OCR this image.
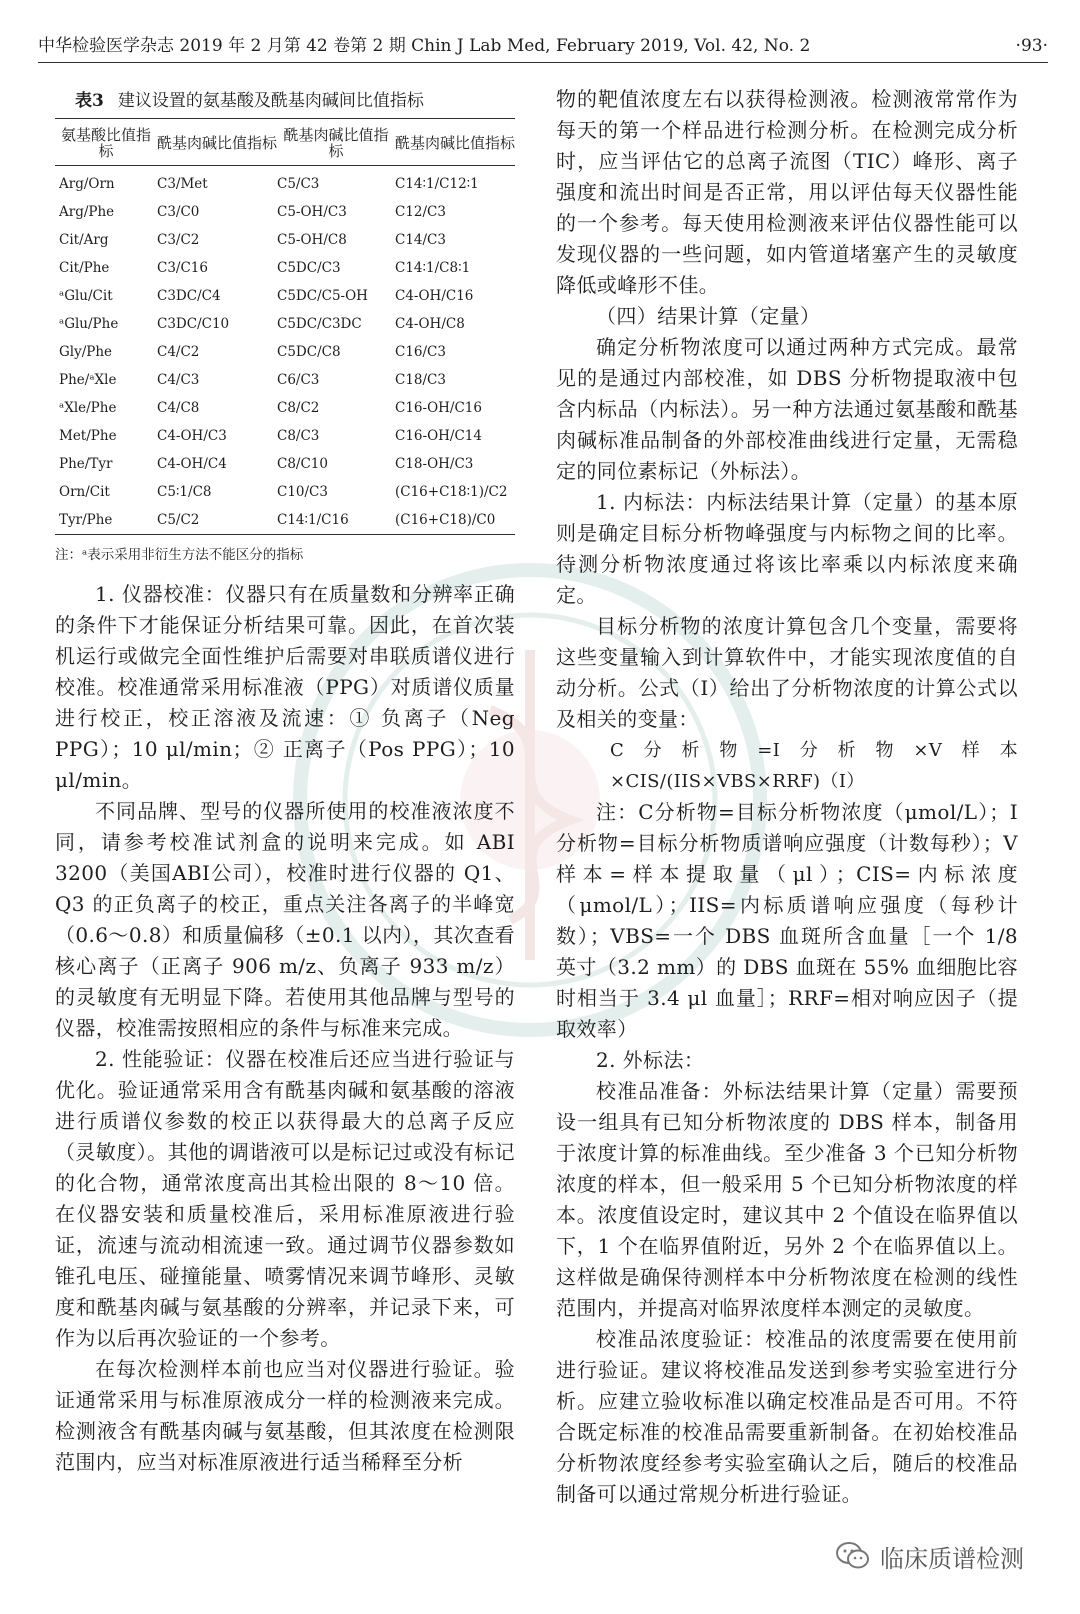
中华检验医学杂志 2019 年 2 月第 42 卷第 2 期 Chin J Lab Med, February 2019, Vol. 42, No. 2	·93·
表3 建议设置的氨基酸及酰基肉碱间比值指标
氨基酸比值指标	酰基肉碱比值指标	酰基肉碱比值指标	酰基肉碱比值指标
Arg/Orn	C3/Met	C5/C3	C14∶1/C12∶1
Arg/Phe	C3/C0	C5-OH/C3	C12/C3
Cit/Arg	C3/C2	C5-OH/C8	C14/C3
Cit/Phe	C3/C16	C5DC/C3	C14∶1/C8∶1
ᵃGlu/Cit	C3DC/C4	C5DC/C5-OH	C4-OH/C16
ᵃGlu/Phe	C3DC/C10	C5DC/C3DC	C4-OH/C8
Gly/Phe	C4/C2	C5DC/C8	C16/C3
Phe/ᵃXle	C4/C3	C6/C3	C18/C3
ᵃXle/Phe	C4/C8	C8/C2	C16-OH/C16
Met/Phe	C4-OH/C3	C8/C3	C16-OH/C14
Phe/Tyr	C4-OH/C4	C8/C10	C18-OH/C3
Orn/Cit	C5∶1/C8	C10/C3	(C16+C18∶1)/C2
Tyr/Phe	C5/C2	C14∶1/C16	(C16+C18)/C0
注：ᵃ表示采用非衍生方法不能区分的指标

1. 仪器校准：仪器只有在质量数和分辨率正确的条件下才能保证分析结果可靠。因此，在首次装机运行或做完全面性维护后需要对串联质谱仪进行校准。校准通常采用标准液（PPG）对质谱仪质量进行校正，校正溶液及流速：① 负离子（Neg PPG）；10 μl/min；② 正离子（Pos PPG）；10 μl/min。

不同品牌、型号的仪器所使用的校准液浓度不同，请参考校准试剂盒的说明来完成。如 ABI 3200（美国ABI公司），校准时进行仪器的 Q1、Q3 的正负离子的校正，重点关注各离子的半峰宽（0.6～0.8）和质量偏移（±0.1 以内），其次查看核心离子（正离子 906 m/z、负离子 933 m/z）的灵敏度有无明显下降。若使用其他品牌与型号的仪器，校准需按照相应的条件与标准来完成。

2. 性能验证：仪器在校准后还应当进行验证与优化。验证通常采用含有酰基肉碱和氨基酸的溶液进行质谱仪参数的校正以获得最大的总离子反应（灵敏度）。其他的调谐液可以是标记过或没有标记的化合物，通常浓度高出其检出限的 8～10 倍。在仪器安装和质量校准后，采用标准原液进行验证，流速与流动相流速一致。通过调节仪器参数如锥孔电压、碰撞能量、喷雾情况来调节峰形、灵敏度和酰基肉碱与氨基酸的分辨率，并记录下来，可作为以后再次验证的一个参考。

在每次检测样本前也应当对仪器进行验证。验证通常采用与标准原液成分一样的检测液来完成。检测液含有酰基肉碱与氨基酸，但其浓度在检测限范围内，应当对标准原液进行适当稀释至分析

物的靶值浓度左右以获得检测液。检测液常常作为每天的第一个样品进行检测分析。在检测完成分析时，应当评估它的总离子流图（TIC）峰形、离子强度和流出时间是否正常，用以评估每天仪器性能的一个参考。每天使用检测液来评估仪器性能可以发现仪器的一些问题，如内管道堵塞产生的灵敏度降低或峰形不佳。

（四）结果计算（定量）

确定分析物浓度可以通过两种方式完成。最常见的是通过内部校准，如 DBS 分析物提取液中包含内标品（内标法）。另一种方法通过氨基酸和酰基肉碱标准品制备的外部校准曲线进行定量，无需稳定的同位素标记（外标法）。

1. 内标法：内标法结果计算（定量）的基本原则是确定目标分析物峰强度与内标物之间的比率。待测分析物浓度通过将该比率乘以内标浓度来确定。

目标分析物的浓度计算包含几个变量，需要将这些变量输入到计算软件中，才能实现浓度值的自动分析。公式（Ⅰ）给出了分析物浓度的计算公式以及相关的变量：

C分析物=I分析物×V样本×CIS/(IIS×VBS×RRF)（Ⅰ）

注：C分析物=目标分析物浓度（μmol/L）；I分析物=目标分析物质谱响应强度（计数每秒）；V样本=样本提取量（μl）；CIS=内标浓度（μmol/L）；IIS=内标质谱响应强度（每秒计数）；VBS=一个 DBS 血斑所含血量［一个 1/8 英寸（3.2 mm）的 DBS 血斑在 55% 血细胞比容时相当于 3.4 μl 血量］；RRF=相对响应因子（提取效率）

2. 外标法：

校准品准备：外标法结果计算（定量）需要预设一组具有已知分析物浓度的 DBS 样本，制备用于浓度计算的标准曲线。至少准备 3 个已知分析物浓度的样本，但一般采用 5 个已知分析物浓度的样本。浓度值设定时，建议其中 2 个值设在临界值以下，1 个在临界值附近，另外 2 个在临界值以上。这样做是确保待测样本中分析物浓度在检测的线性范围内，并提高对临界浓度样本测定的灵敏度。

校准品浓度验证：校准品的浓度需要在使用前进行验证。建议将校准品发送到参考实验室进行分析。应建立验收标准以确定校准品是否可用。不符合既定标准的校准品需要重新制备。在初始校准品分析物浓度经参考实验室确认之后，随后的校准品制备可以通过常规分析进行验证。

临床质谱检测
